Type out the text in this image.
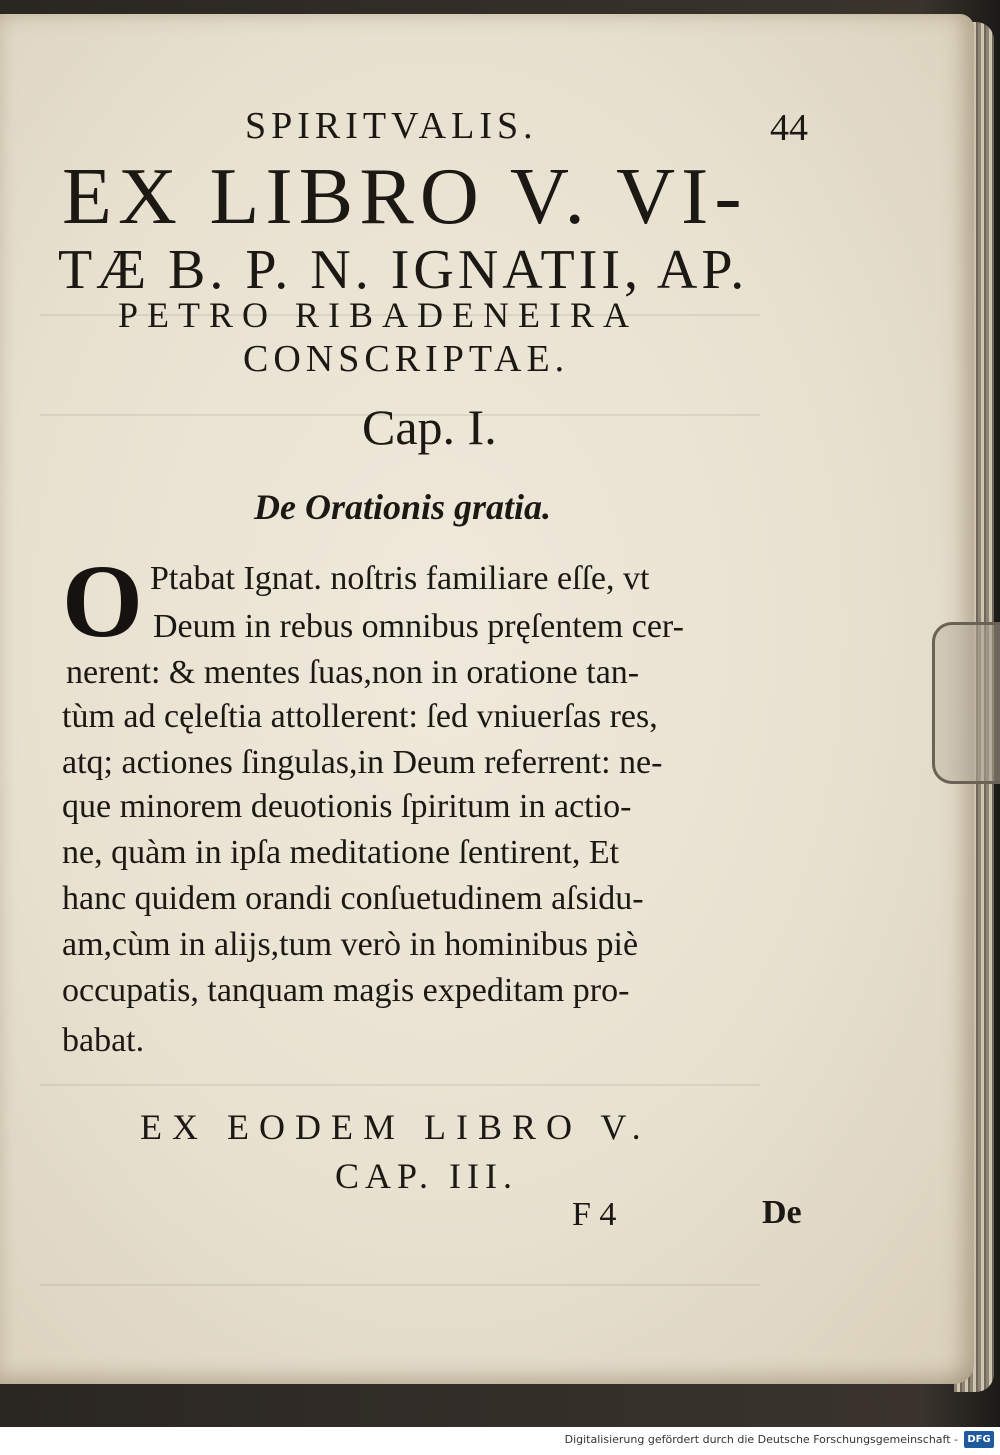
SPIRITVALIS.	44
EX LIBRO V. VI-
TÆ B. P. N. IGNATII, AP.
PETRO RIBADENEIRA
CONSCRIPTAE.
Cap. I.
De Orationis gratia.
O Ptabat Ignat. noſtris familiare eſſe, vt
Deum in rebus omnibus pręſentem cer-
nerent: & mentes ſuas,non in oratione tan-
tùm ad cęleſtia attollerent: ſed vniuerſas res,
atq; actiones ſingulas,in Deum referrent: ne-
que minorem deuotionis ſpiritum in actio-
ne, quàm in ipſa meditatione ſentirent, Et
hanc quidem orandi conſuetudinem aſsidu-
am,cùm in alijs,tum verò in hominibus piè
occupatis, tanquam magis expeditam pro-
babat.
EX EODEM LIBRO V.
CAP. III.
F 4	De
Digitalisierung gefördert durch die Deutsche Forschungsgemeinschaft - DFG
